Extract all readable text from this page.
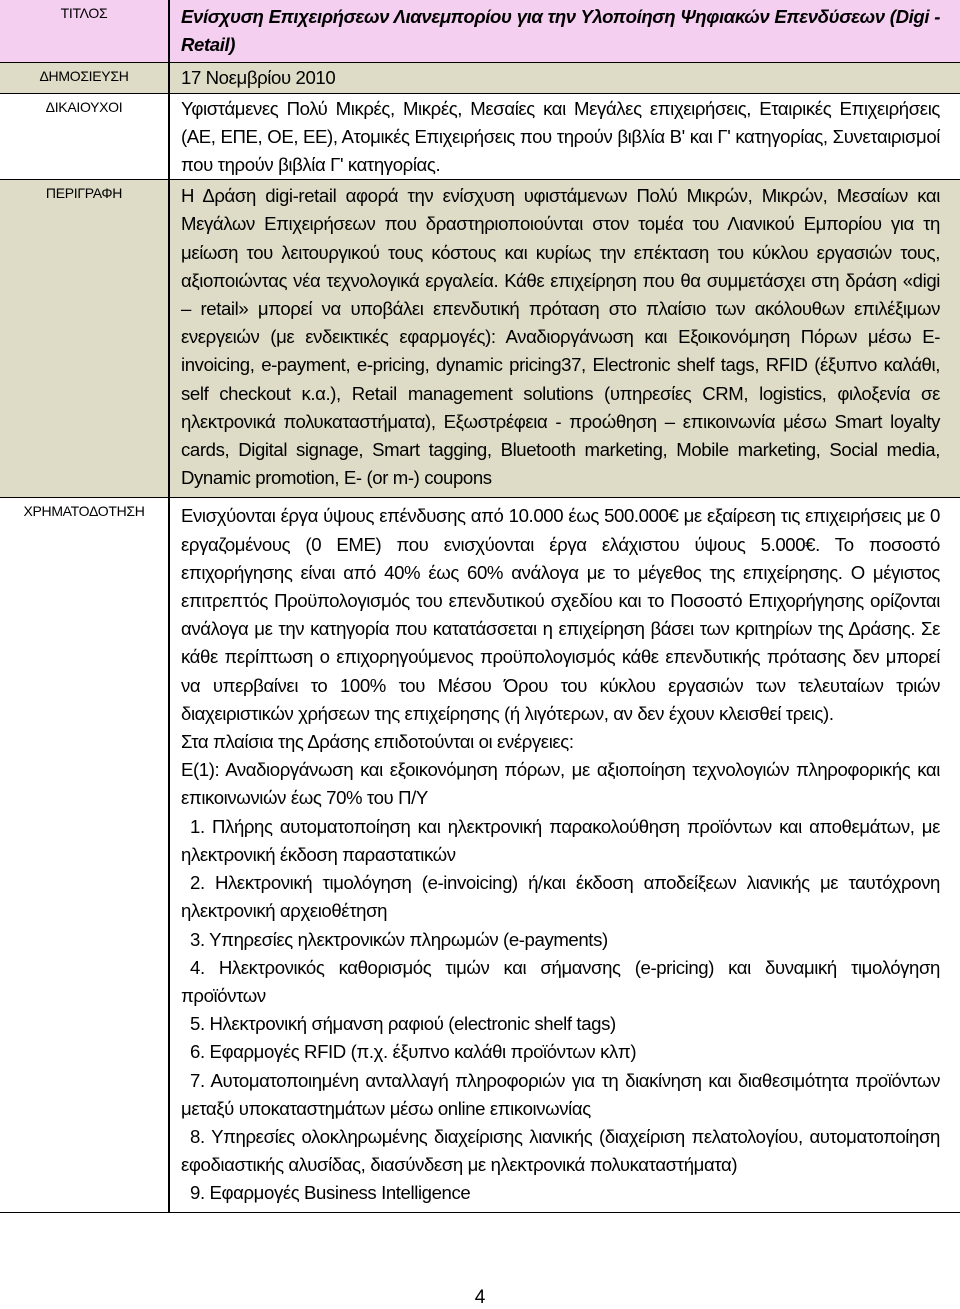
ΤΙΤΛΟΣ	Ενίσχυση Επιχειρήσεων Λιανεμπορίου για την Υλοποίηση Ψηφιακών Επενδύσεων (Digi - Retail)
ΔΗΜΟΣΙΕΥΣΗ	17 Νοεμβρίου 2010
ΔΙΚΑΙΟΥΧΟΙ	Υφιστάμενες Πολύ Μικρές, Μικρές, Μεσαίες και Μεγάλες επιχειρήσεις, Εταιρικές Επιχειρήσεις (ΑΕ, ΕΠΕ, ΟΕ, ΕΕ), Ατομικές Επιχειρήσεις που τηρούν βιβλία Β' και Γ' κατηγορίας, Συνεταιρισμοί που τηρούν βιβλία Γ' κατηγορίας.
ΠΕΡΙΓΡΑΦΗ	Η Δράση digi-retail αφορά την ενίσχυση υφιστάμενων Πολύ Μικρών, Μικρών, Μεσαίων και Μεγάλων Επιχειρήσεων που δραστηριοποιούνται στον τομέα του Λιανικού Εμπορίου για τη μείωση του λειτουργικού τους κόστους και κυρίως την επέκταση του κύκλου εργασιών τους, αξιοποιώντας νέα τεχνολογικά εργαλεία. Κάθε επιχείρηση που θα συμμετάσχει στη δράση «digi – retail» μπορεί να υποβάλει επενδυτική πρόταση στο πλαίσιο των ακόλουθων επιλέξιμων ενεργειών (με ενδεικτικές εφαρμογές): Αναδιοργάνωση και Εξοικονόμηση Πόρων μέσω E-invoicing, e-payment, e-pricing, dynamic pricing37, Electronic shelf tags, RFID (έξυπνο καλάθι, self checkout κ.α.), Retail management solutions (υπηρεσίες CRM, logistics, φιλοξενία σε ηλεκτρονικά πολυκαταστήματα), Εξωστρέφεια - προώθηση – επικοινωνία μέσω Smart loyalty cards, Digital signage, Smart tagging, Bluetooth marketing, Mobile marketing, Social media, Dynamic promotion, E- (or m-) coupons
ΧΡΗΜΑΤΟΔΟΤΗΣΗ	Ενισχύονται έργα ύψους επένδυσης από 10.000 έως 500.000€ με εξαίρεση τις επιχειρήσεις με 0 εργαζομένους (0 ΕΜΕ) που ενισχύονται έργα ελάχιστου ύψους 5.000€. Το ποσοστό επιχορήγησης είναι από 40% έως 60% ανάλογα με το μέγεθος της επιχείρησης. Ο μέγιστος επιτρεπτός Προϋπολογισμός του επενδυτικού σχεδίου και το Ποσοστό Επιχορήγησης ορίζονται ανάλογα με την κατηγορία που κατατάσσεται η επιχείρηση βάσει των κριτηρίων της Δράσης. Σε κάθε περίπτωση ο επιχορηγούμενος προϋπολογισμός κάθε επενδυτικής πρότασης δεν μπορεί να υπερβαίνει το 100% του Μέσου Όρου του κύκλου εργασιών των τελευταίων τριών διαχειριστικών χρήσεων της επιχείρησης (ή λιγότερων, αν δεν έχουν κλεισθεί τρεις).

Στα πλαίσια της Δράσης επιδοτούνται οι ενέργειες:

Ε(1): Αναδιοργάνωση και εξοικονόμηση πόρων, με αξιοποίηση τεχνολογιών πληροφορικής και επικοινωνιών έως 70% του Π/Υ

1. Πλήρης αυτοματοποίηση και ηλεκτρονική παρακολούθηση προϊόντων και αποθεμάτων, με ηλεκτρονική έκδοση παραστατικών

2. Ηλεκτρονική τιμολόγηση (e-invoicing) ή/και έκδοση αποδείξεων λιανικής με ταυτόχρονη ηλεκτρονική αρχειοθέτηση

3. Υπηρεσίες ηλεκτρονικών πληρωμών (e-payments)

4. Ηλεκτρονικός καθορισμός τιμών και σήμανσης (e-pricing) και δυναμική τιμολόγηση προϊόντων

5. Ηλεκτρονική σήμανση ραφιού (electronic shelf tags)

6. Εφαρμογές RFID (π.χ. έξυπνο καλάθι προϊόντων κλπ)

7. Αυτοματοποιημένη ανταλλαγή πληροφοριών για τη διακίνηση και διαθεσιμότητα προϊόντων μεταξύ υποκαταστημάτων μέσω online επικοινωνίας

8. Υπηρεσίες ολοκληρωμένης διαχείρισης λιανικής (διαχείριση πελατολογίου, αυτοματοποίηση εφοδιαστικής αλυσίδας, διασύνδεση με ηλεκτρονικά πολυκαταστήματα)

9. Εφαρμογές Business Intelligence

4
